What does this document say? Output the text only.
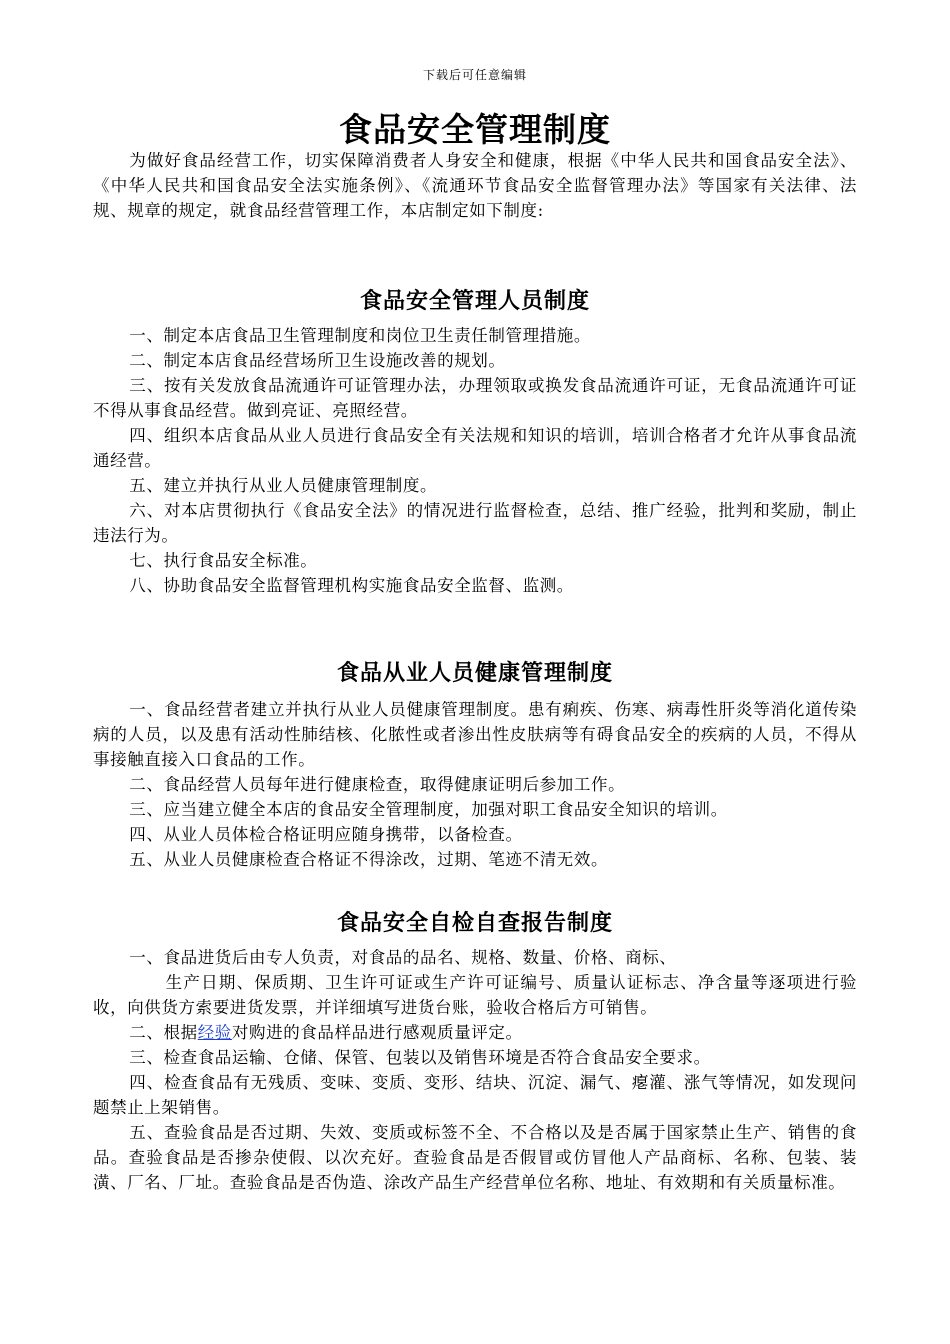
下载后可任意编辑
食品安全管理制度

为做好食品经营工作，切实保障消费者人身安全和健康，根据《中华人民共和国食品安全法》、《中华人民共和国食品安全法实施条例》、《流通环节食品安全监督管理办法》等国家有关法律、法规、规章的规定，就食品经营管理工作，本店制定如下制度:

食品安全管理人员制度

一、制定本店食品卫生管理制度和岗位卫生责任制管理措施。

二、制定本店食品经营场所卫生设施改善的规划。

三、按有关发放食品流通许可证管理办法，办理领取或换发食品流通许可证，无食品流通许可证不得从事食品经营。做到亮证、亮照经营。

四、组织本店食品从业人员进行食品安全有关法规和知识的培训，培训合格者才允许从事食品流通经营。

五、建立并执行从业人员健康管理制度。

六、对本店贯彻执行《食品安全法》的情况进行监督检查，总结、推广经验，批判和奖励，制止违法行为。

七、执行食品安全标准。

八、协助食品安全监督管理机构实施食品安全监督、监测。

食品从业人员健康管理制度

一、食品经营者建立并执行从业人员健康管理制度。患有痢疾、伤寒、病毒性肝炎等消化道传染病的人员，以及患有活动性肺结核、化脓性或者渗出性皮肤病等有碍食品安全的疾病的人员，不得从事接触直接入口食品的工作。

二、食品经营人员每年进行健康检查，取得健康证明后参加工作。

三、应当建立健全本店的食品安全管理制度，加强对职工食品安全知识的培训。

四、从业人员体检合格证明应随身携带，以备检查。

五、从业人员健康检查合格证不得涂改，过期、笔迹不清无效。

食品安全自检自查报告制度

一、食品进货后由专人负责，对食品的品名、规格、数量、价格、商标、

生产日期、保质期、卫生许可证或生产许可证编号、质量认证标志、净含量等逐项进行验收，向供货方索要进货发票，并详细填写进货台账，验收合格后方可销售。

二、根据经验对购进的食品样品进行感观质量评定。

三、检查食品运输、仓储、保管、包装以及销售环境是否符合食品安全要求。

四、检查食品有无残质、变味、变质、变形、结块、沉淀、漏气、瘪灌、涨气等情况，如发现问题禁止上架销售。

五、查验食品是否过期、失效、变质或标签不全、不合格以及是否属于国家禁止生产、销售的食品。查验食品是否掺杂使假、以次充好。查验食品是否假冒或仿冒他人产品商标、名称、包装、装潢、厂名、厂址。查验食品是否伪造、涂改产品生产经营单位名称、地址、有效期和有关质量标准。
